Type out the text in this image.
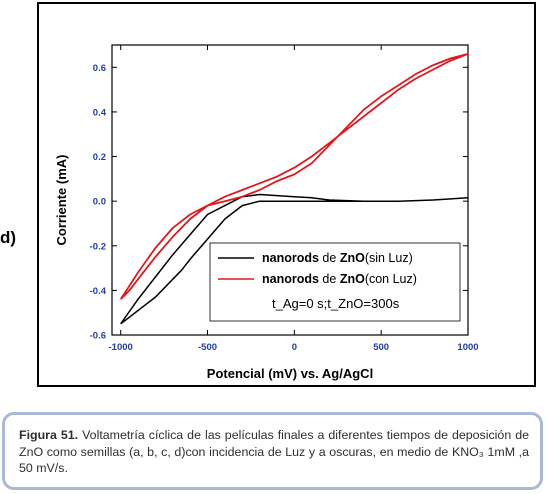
d)
-1000	-500	0	500	1000
-0.6
-0.4
-0.2
0.0
0.2
0.4
0.6
Corriente (mA)
Potencial (mV) vs. Ag/AgCl
nanorods de ZnO(sin Luz)
nanorods de ZnO(con Luz)
t_Ag=0 s;t_ZnO=300s
Figura 51. Voltametría cíclica de las películas finales a diferentes tiempos de deposición de ZnO como semillas (a, b, c, d)con incidencia de Luz y a oscuras, en medio de KNO₃ 1mM ,a 50 mV/s.
